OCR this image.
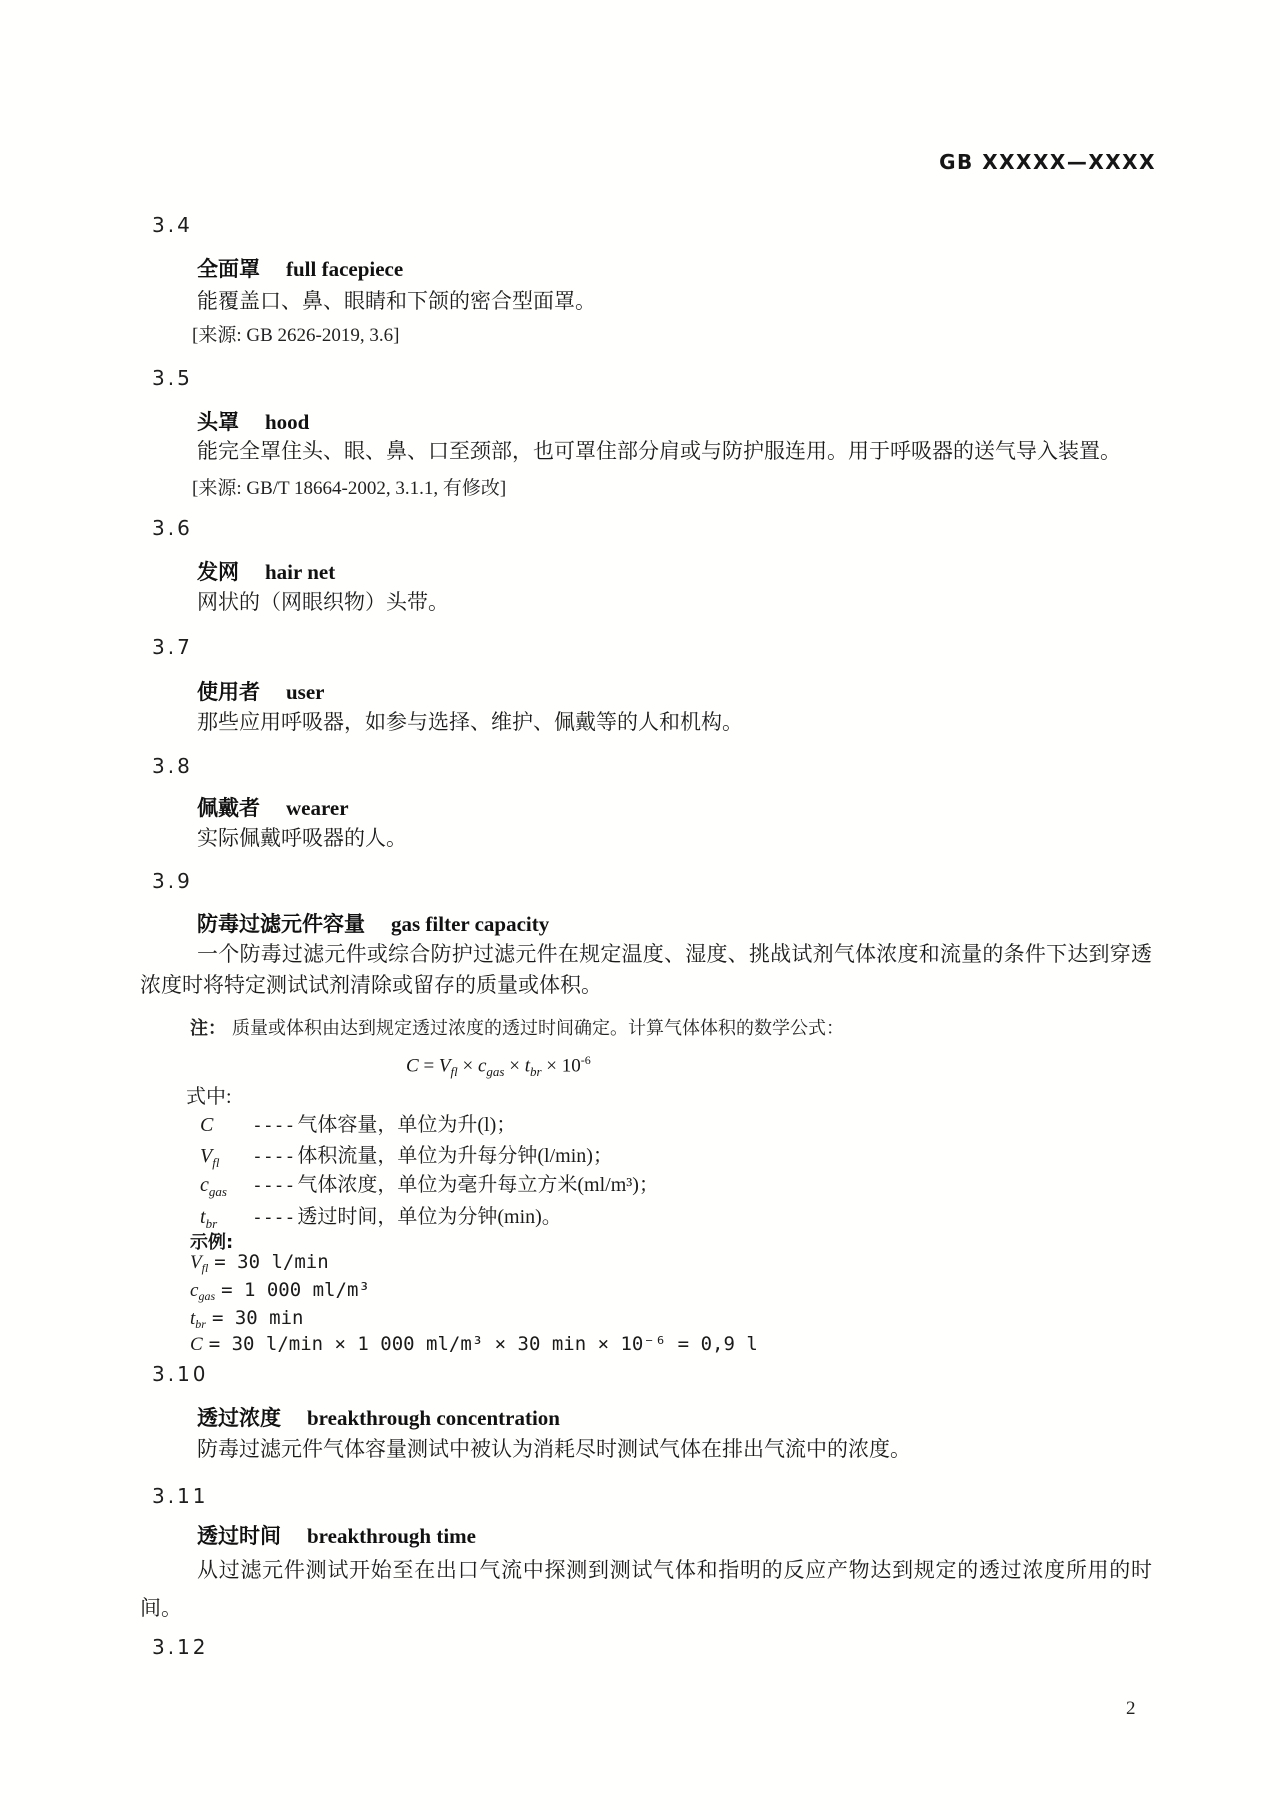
GB XXXXX—XXXX
3.4
全面罩 full facepiece
能覆盖口、鼻、眼睛和下颌的密合型面罩。
[来源: GB 2626-2019, 3.6]
3.5
头罩 hood
能完全罩住头、眼、鼻、口至颈部，也可罩住部分肩或与防护服连用。用于呼吸器的送气导入装置。
[来源: GB/T 18664-2002, 3.1.1, 有修改]
3.6
发网 hair net
网状的（网眼织物）头带。
3.7
使用者 user
那些应用呼吸器，如参与选择、维护、佩戴等的人和机构。
3.8
佩戴者 wearer
实际佩戴呼吸器的人。
3.9
防毒过滤元件容量 gas filter capacity
一个防毒过滤元件或综合防护过滤元件在规定温度、湿度、挑战试剂气体浓度和流量的条件下达到穿透浓度时将特定测试试剂清除或留存的质量或体积。
注： 质量或体积由达到规定透过浓度的透过时间确定。计算气体体积的数学公式：
$C = V_{fl} \times c_{gas} \times t_{br} \times 10^{-6}$
式中:
C ---- 气体容量，单位为升(l)；
$V_{fl}$ ---- 体积流量，单位为升每分钟(l/min)；
$c_{gas}$ ---- 气体浓度，单位为毫升每立方米(ml/m³)；
$t_{br}$ ---- 透过时间，单位为分钟(min)。
示例:
$V_{fl} = 30$ l/min
$c_{gas} = 1$ 000 ml/m³
$t_{br} = 30$ min
C = 30 l/min × 1 000 ml/m³ × 30 min × 10⁻⁶ = 0,9 l
3.10
透过浓度 breakthrough concentration
防毒过滤元件气体容量测试中被认为消耗尽时测试气体在排出气流中的浓度。
3.11
透过时间 breakthrough time
从过滤元件测试开始至在出口气流中探测到测试气体和指明的反应产物达到规定的透过浓度所用的时间。
3.12
2
